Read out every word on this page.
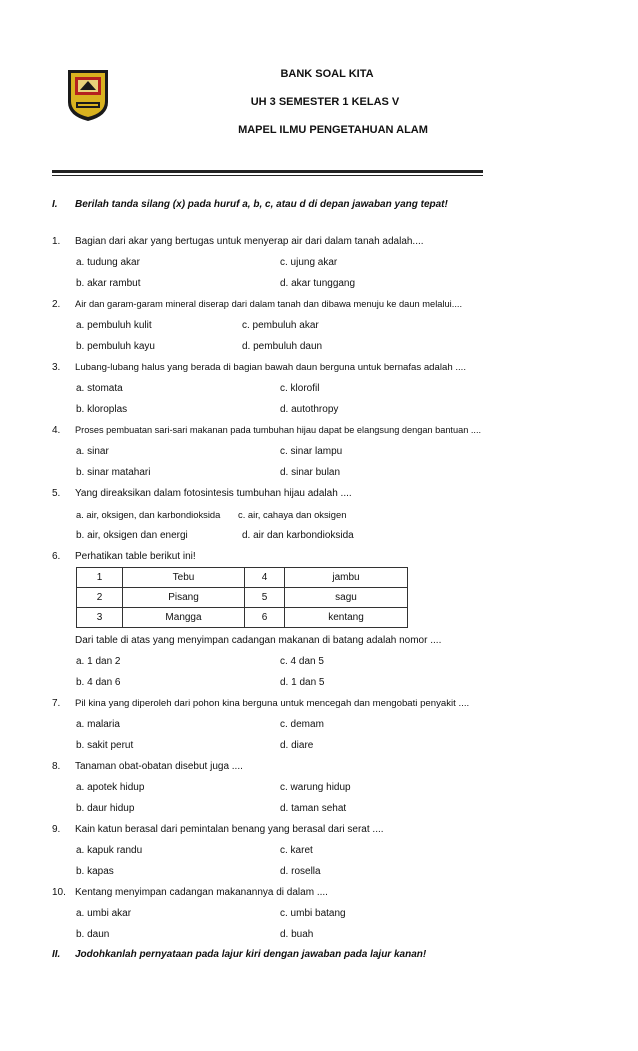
BANK SOAL KITA
UH 3 SEMESTER 1 KELAS V
MAPEL ILMU PENGETAHUAN ALAM
I. Berilah tanda silang (x) pada huruf a, b, c, atau d di depan jawaban yang tepat!
1. Bagian dari akar yang bertugas untuk menyerap air dari dalam tanah adalah....
a. tudung akar	c. ujung akar
b. akar rambut	d. akar tunggang
2. Air dan garam-garam mineral diserap dari dalam tanah dan dibawa menuju ke daun melalui....
a. pembuluh kulit	c. pembuluh akar
b. pembuluh kayu	d. pembuluh daun
3. Lubang-lubang halus yang berada di bagian bawah daun berguna untuk bernafas adalah ....
a. stomata	c. klorofil
b. kloroplas	d. autothropy
4. Proses pembuatan sari-sari makanan pada tumbuhan hijau dapat be elangsung dengan bantuan ....
a. sinar	c. sinar lampu
b. sinar matahari	d. sinar bulan
5. Yang direaksikan dalam fotosintesis tumbuhan hijau adalah ....
a. air, oksigen, dan karbondioksida c. air, cahaya dan oksigen
b. air, oksigen dan energi	d. air dan karbondioksida
6. Perhatikan table berikut ini!
1	Tebu	4	jambu
2	Pisang	5	sagu
3	Mangga	6	kentang
Dari table di atas yang menyimpan cadangan makanan di batang adalah nomor ....
a. 1 dan 2	c. 4 dan 5
b. 4 dan 6	d. 1 dan 5
7. Pil kina yang diperoleh dari pohon kina berguna untuk mencegah dan mengobati penyakit ....
a. malaria	c. demam
b. sakit perut	d. diare
8. Tanaman obat-obatan disebut juga ....
a. apotek hidup	c. warung hidup
b. daur hidup	d. taman sehat
9. Kain katun berasal dari pemintalan benang yang berasal dari serat ....
a. kapuk randu	c. karet
b. kapas	d. rosella
10. Kentang menyimpan cadangan makanannya di dalam ....
a. umbi akar	c. umbi batang
b. daun	d. buah
II. Jodohkanlah pernyataan pada lajur kiri dengan jawaban pada lajur kanan!
